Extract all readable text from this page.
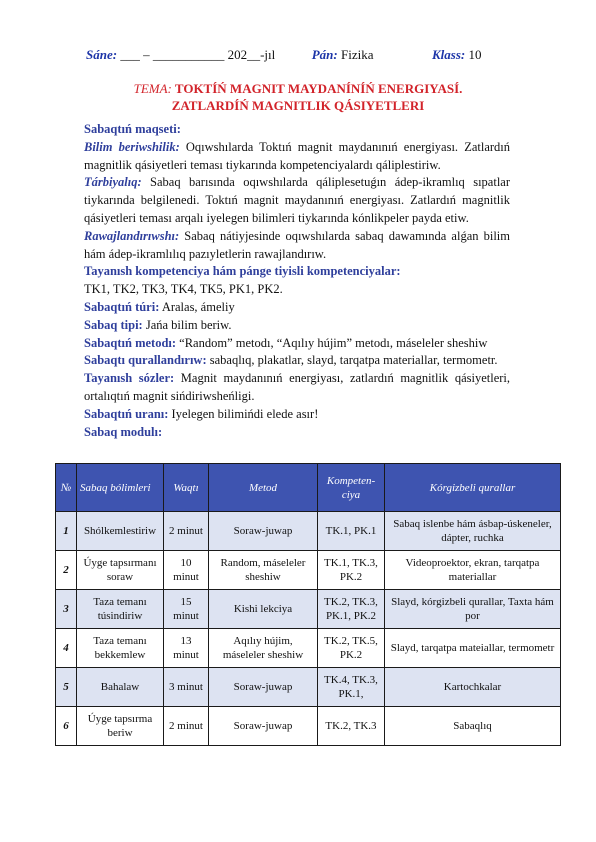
Sáne: ___ – ___________ 202__-jıl	Pán: Fizika	Klass: 10
TEMA: TOKTÍŃ MAGNIT MAYDANÍNÍŃ ENERGIYASÍ.
ZATLARDÍŃ MAGNITLIK QÁSIYETLERI

Sabaqtıń maqseti:

Bilim beriwshilik: Oqıwshılarda Toktıń magnit maydanınıń energiyası. Zatlardıń magnitlik qásiyetleri teması tiykarında kompetenciyalardı qáliplestiriw.

Tárbiyalıq: Sabaq barısında oqıwshılarda qáliplesetuǵın ádep-ikramlıq sıpatlar tiykarında belgilenedi. Toktıń magnit maydanınıń energiyası. Zatlardıń magnitlik qásiyetleri teması arqalı iyelegen bilimleri tiykarında kónlikpeler payda etiw.

Rawajlandırıwshı: Sabaq nátiyjesinde oqıwshılarda sabaq dawamında alǵan bilim hám ádep-ikramlılıq pazıyletlerin rawajlandırıw.

Tayanısh kompetenciya hám pánge tiyisli kompetenciyalar:

TK1, TK2, TK3, TK4, TK5, PK1, PK2.

Sabaqtıń túri: Aralas, ámeliy

Sabaq tipi: Jańa bilim beriw.

Sabaqtıń metodı: “Random” metodı, “Aqılıy hújim” metodı, máseleler sheshiw

Sabaqtı qurallandırıw: sabaqlıq, plakatlar, slayd, tarqatpa materiallar, termometr.

Tayanısh sózler: Magnit maydanınıń energiyası, zatlardıń magnitlik qásiyetleri, ortalıqtıń magnit sińdiriwsheńligi.

Sabaqtıń uranı: Iyelegen bilimińdi elede asır!

Sabaq modulı:

№	Sabaq bólimleri	Waqtı	Metod	Kompeten-ciya	Kórgizbeli qurallar
1	Shólkemlestiriw	2 minut	Soraw-juwap	TK.1, PK.1	Sabaq islenbe hám ásbap-úskeneler, dápter, ruchka
2	Úyge tapsırmanı soraw	10 minut	Random, máseleler sheshiw	TK.1, TK.3, PK.2	Videoproektor, ekran, tarqatpa materiallar
3	Taza temanı túsindiriw	15 minut	Kishi lekciya	TK.2, TK.3, PK.1, PK.2	Slayd, kórgizbeli qurallar, Taxta hám por
4	Taza temanı bekkemlew	13 minut	Aqılıy hújim, máseleler sheshiw	TK.2, TK.5, PK.2	Slayd, tarqatpa mateiallar, termometr
5	Bahalaw	3 minut	Soraw-juwap	TK.4, TK.3, PK.1,	Kartochkalar
6	Úyge tapsırma beriw	2 minut	Soraw-juwap	TK.2, TK.3	Sabaqlıq
